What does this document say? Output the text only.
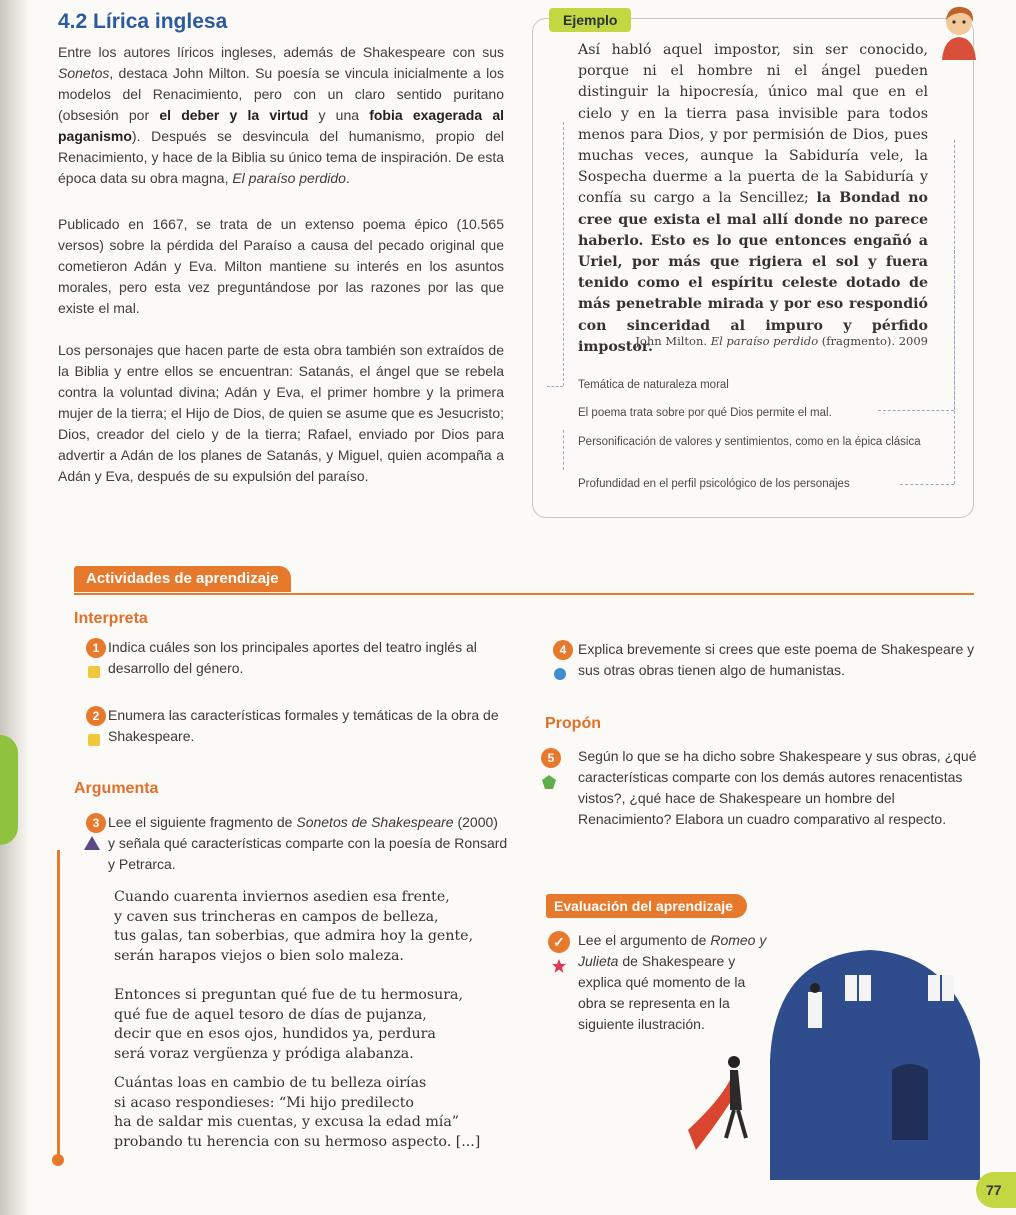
4.2 Lírica inglesa
Entre los autores líricos ingleses, además de Shakespeare con sus Sonetos, destaca John Milton. Su poesía se vincula inicialmente a los modelos del Renacimiento, pero con un claro sentido puritano (obsesión por el deber y la virtud y una fobia exagerada al paganismo). Después se desvincula del humanismo, propio del Renacimiento, y hace de la Biblia su único tema de inspiración. De esta época data su obra magna, El paraíso perdido.
Publicado en 1667, se trata de un extenso poema épico (10.565 versos) sobre la pérdida del Paraíso a causa del pecado original que cometieron Adán y Eva. Milton mantiene su interés en los asuntos morales, pero esta vez preguntándose por las razones por las que existe el mal.
Los personajes que hacen parte de esta obra también son extraídos de la Biblia y entre ellos se encuentran: Satanás, el ángel que se rebela contra la voluntad divina; Adán y Eva, el primer hombre y la primera mujer de la tierra; el Hijo de Dios, de quien se asume que es Jesucristo; Dios, creador del cielo y de la tierra; Rafael, enviado por Dios para advertir a Adán de los planes de Satanás, y Miguel, quien acompaña a Adán y Eva, después de su expulsión del paraíso.
Ejemplo
Así habló aquel impostor, sin ser conocido, porque ni el hombre ni el ángel pueden distinguir la hipocresía, único mal que en el cielo y en la tierra pasa invisible para todos menos para Dios, y por permisión de Dios, pues muchas veces, aunque la Sabiduría vele, la Sospecha duerme a la puerta de la Sabiduría y confía su cargo a la Sencillez; la Bondad no cree que exista el mal allí donde no parece haberlo. Esto es lo que entonces engañó a Uriel, por más que rigiera el sol y fuera tenido como el espíritu celeste dotado de más penetrable mirada y por eso respondió con sinceridad al impuro y pérfido impostor.
John Milton. El paraíso perdido (fragmento). 2009
Temática de naturaleza moral
El poema trata sobre por qué Dios permite el mal.
Personificación de valores y sentimientos, como en la épica clásica
Profundidad en el perfil psicológico de los personajes
Actividades de aprendizaje
Interpreta
1 Indica cuáles son los principales aportes del teatro inglés al desarrollo del género.
2 Enumera las características formales y temáticas de la obra de Shakespeare.
Argumenta
3 Lee el siguiente fragmento de Sonetos de Shakespeare (2000) y señala qué características comparte con la poesía de Ronsard y Petrarca.
Cuando cuarenta inviernos asedien esa frente,
y caven sus trincheras en campos de belleza,
tus galas, tan soberbias, que admira hoy la gente,
serán harapos viejos o bien solo maleza.
Entonces si preguntan qué fue de tu hermosura,
qué fue de aquel tesoro de días de pujanza,
decir que en esos ojos, hundidos ya, perdura
será voraz vergüenza y pródiga alabanza.
Cuántas loas en cambio de tu belleza oirías
si acaso respondieses: “Mi hijo predilecto
ha de saldar mis cuentas, y excusa la edad mía”
probando tu herencia con su hermoso aspecto. [...]
4 Explica brevemente si crees que este poema de Shakespeare y sus otras obras tienen algo de humanistas.
Propón
5	Según lo que se ha dicho sobre Shakespeare y sus obras, ¿qué características comparte con los demás autores renacentistas vistos?, ¿qué hace de Shakespeare un hombre del Renacimiento? Elabora un cuadro comparativo al respecto.
Evaluación del aprendizaje
✓ Lee el argumento de Romeo y Julieta de Shakespeare y explica qué momento de la obra se representa en la siguiente ilustración.
77
